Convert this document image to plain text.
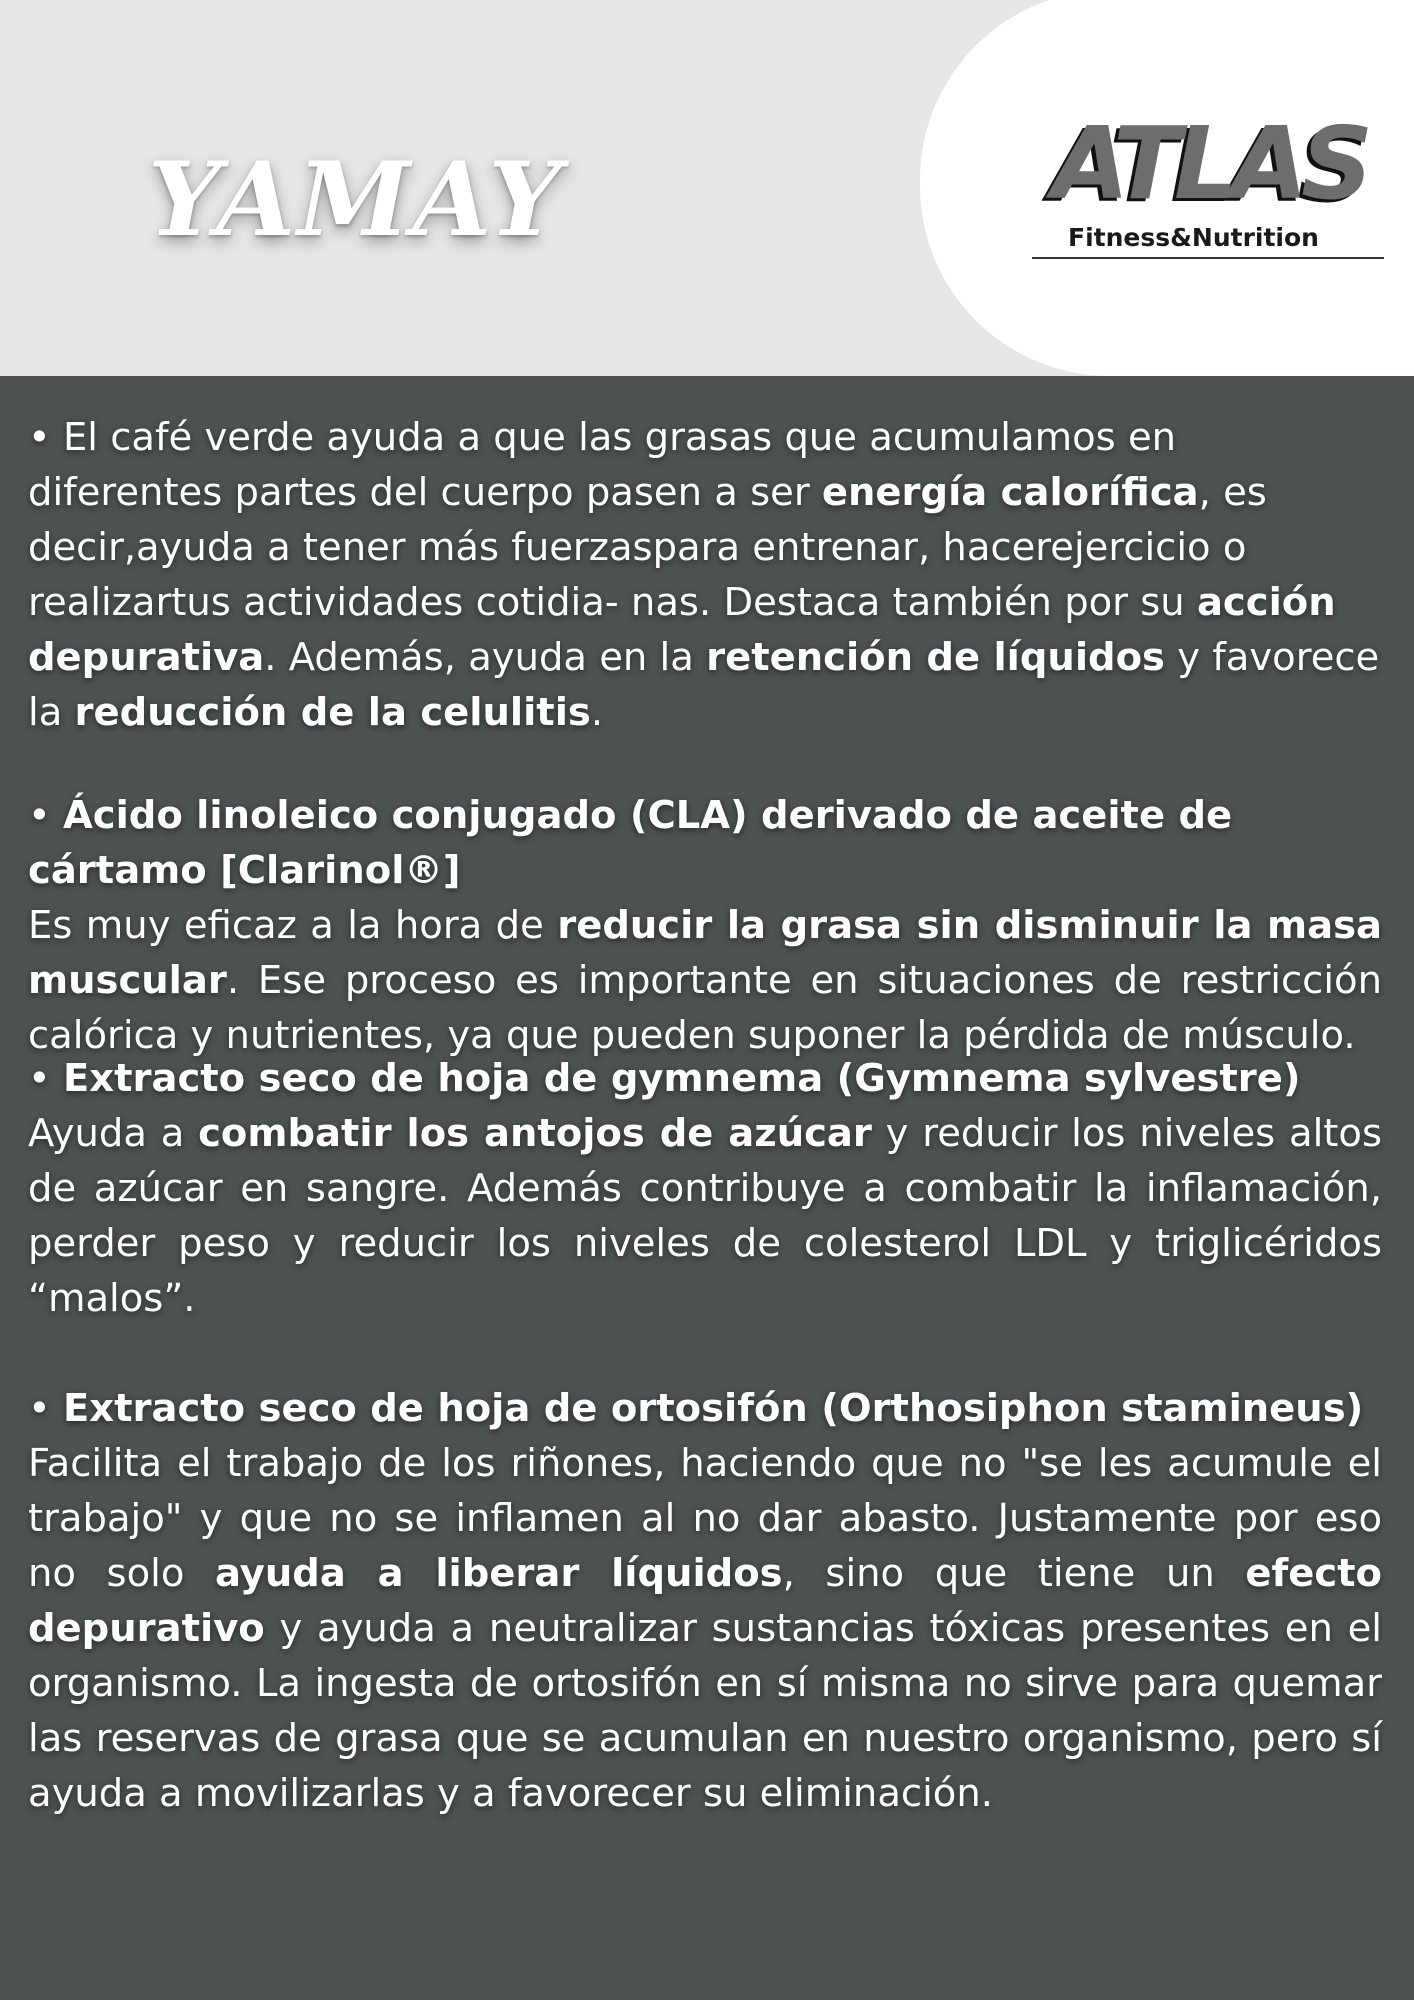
YAMAY	ATLAS
Fitness&Nutrition

• El café verde ayuda a que las grasas que acumulamos en diferentes partes del cuerpo pasen a ser energía calorífica, es decir,ayuda a tener más fuerzaspara entrenar, hacerejercicio o realizartus actividades cotidia- nas. Destaca también por su acción depurativa. Además, ayuda en la retención de líquidos y favorece la reducción de la celulitis.

• Ácido linoleico conjugado (CLA) derivado de aceite de cártamo [Clarinol®]

Es muy eficaz a la hora de reducir la grasa sin disminuir la masa muscular. Ese proceso es importante en situaciones de restricción calórica y nutrientes, ya que pueden suponer la pérdida de músculo.

• Extracto seco de hoja de gymnema (Gymnema sylvestre)

Ayuda a combatir los antojos de azúcar y reducir los niveles altos de azúcar en sangre. Además contribuye a combatir la inflamación, perder peso y reducir los niveles de colesterol LDL y triglicéridos “malos”.

• Extracto seco de hoja de ortosifón (Orthosiphon stamineus)

Facilita el trabajo de los riñones, haciendo que no "se les acumule el trabajo" y que no se inflamen al no dar abasto. Justamente por eso no solo ayuda a liberar líquidos, sino que tiene un efecto depurativo y ayuda a neutralizar sustancias tóxicas presentes en el organismo. La ingesta de ortosifón en sí misma no sirve para quemar las reservas de grasa que se acumulan en nuestro organismo, pero sí ayuda a movilizarlas y a favorecer su eliminación.
